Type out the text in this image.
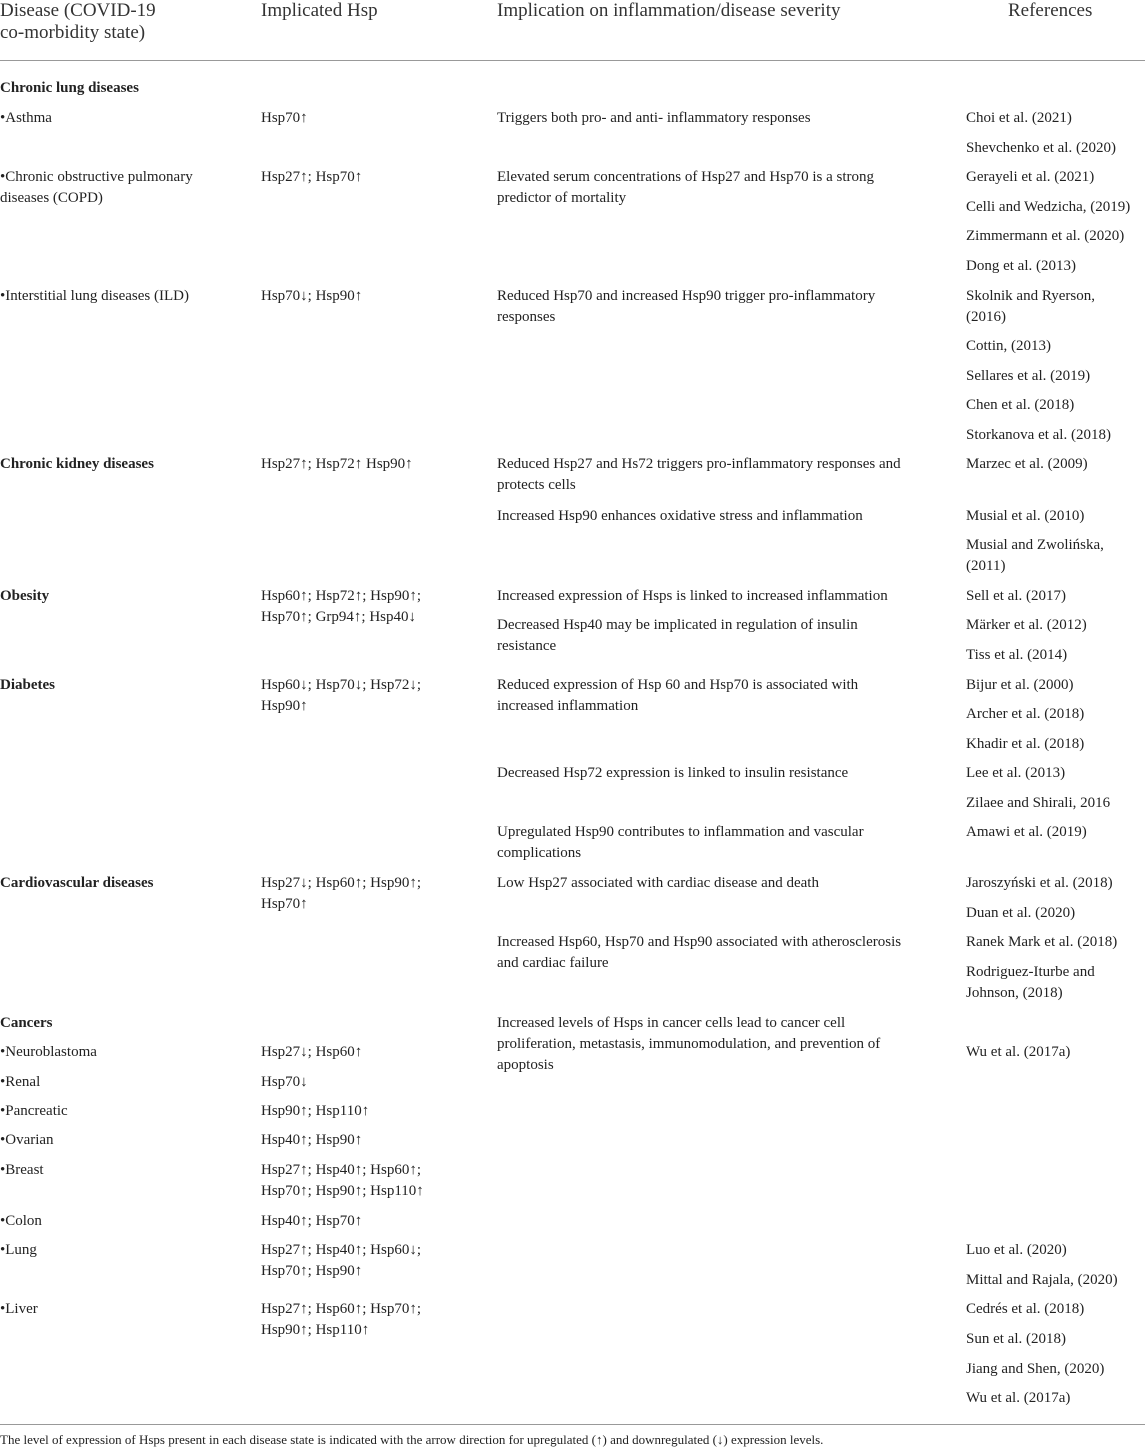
Disease (COVID-19
co-morbidity state)
Implicated Hsp	Implication on inflammation/disease severity	References
Chronic lung diseases
•Asthma
•Chronic obstructive pulmonary
diseases (COPD)
•Interstitial lung diseases (ILD)
Chronic kidney diseases
Obesity
Diabetes
Cardiovascular diseases
Cancers
•Neuroblastoma
•Renal
•Pancreatic
•Ovarian
•Breast
•Colon
•Lung
•Liver
Hsp70↑
Hsp27↑; Hsp70↑
Hsp70↓; Hsp90↑
Hsp27↑; Hsp72↑ Hsp90↑
Hsp60↑; Hsp72↑; Hsp90↑;
Hsp70↑; Grp94↑; Hsp40↓
Hsp60↓; Hsp70↓; Hsp72↓;
Hsp90↑
Hsp27↓; Hsp60↑; Hsp90↑;
Hsp70↑
Hsp27↓; Hsp60↑
Hsp70↓
Hsp90↑; Hsp110↑
Hsp40↑; Hsp90↑
Hsp27↑; Hsp40↑; Hsp60↑;
Hsp70↑; Hsp90↑; Hsp110↑
Hsp40↑; Hsp70↑
Hsp27↑; Hsp40↑; Hsp60↓;
Hsp70↑; Hsp90↑
Hsp27↑; Hsp60↑; Hsp70↑;
Hsp90↑; Hsp110↑
Triggers both pro- and anti- inflammatory responses
Elevated serum concentrations of Hsp27 and Hsp70 is a strong
predictor of mortality
Reduced Hsp70 and increased Hsp90 trigger pro-inflammatory
responses
Reduced Hsp27 and Hs72 triggers pro-inflammatory responses and
protects cells
Increased Hsp90 enhances oxidative stress and inflammation
Increased expression of Hsps is linked to increased inflammation
Decreased Hsp40 may be implicated in regulation of insulin
resistance
Reduced expression of Hsp 60 and Hsp70 is associated with
increased inflammation
Decreased Hsp72 expression is linked to insulin resistance
Upregulated Hsp90 contributes to inflammation and vascular
complications
Low Hsp27 associated with cardiac disease and death
Increased Hsp60, Hsp70 and Hsp90 associated with atherosclerosis
and cardiac failure
Increased levels of Hsps in cancer cells lead to cancer cell
proliferation, metastasis, immunomodulation, and prevention of
apoptosis
Choi et al. (2021)
Shevchenko et al. (2020)
Gerayeli et al. (2021)
Celli and Wedzicha, (2019)
Zimmermann et al. (2020)
Dong et al. (2013)
Skolnik and Ryerson,
(2016)
Cottin, (2013)
Sellares et al. (2019)
Chen et al. (2018)
Storkanova et al. (2018)
Marzec et al. (2009)
Musial et al. (2010)
Musial and Zwolińska,
(2011)
Sell et al. (2017)
Märker et al. (2012)
Tiss et al. (2014)
Bijur et al. (2000)
Archer et al. (2018)
Khadir et al. (2018)
Lee et al. (2013)
Zilaee and Shirali, 2016
Amawi et al. (2019)
Jaroszyński et al. (2018)
Duan et al. (2020)
Ranek Mark et al. (2018)
Rodriguez-Iturbe and
Johnson, (2018)
Wu et al. (2017a)
Luo et al. (2020)
Mittal and Rajala, (2020)
Cedrés et al. (2018)
Sun et al. (2018)
Jiang and Shen, (2020)
Wu et al. (2017a)
The level of expression of Hsps present in each disease state is indicated with the arrow direction for upregulated (↑) and downregulated (↓) expression levels.
